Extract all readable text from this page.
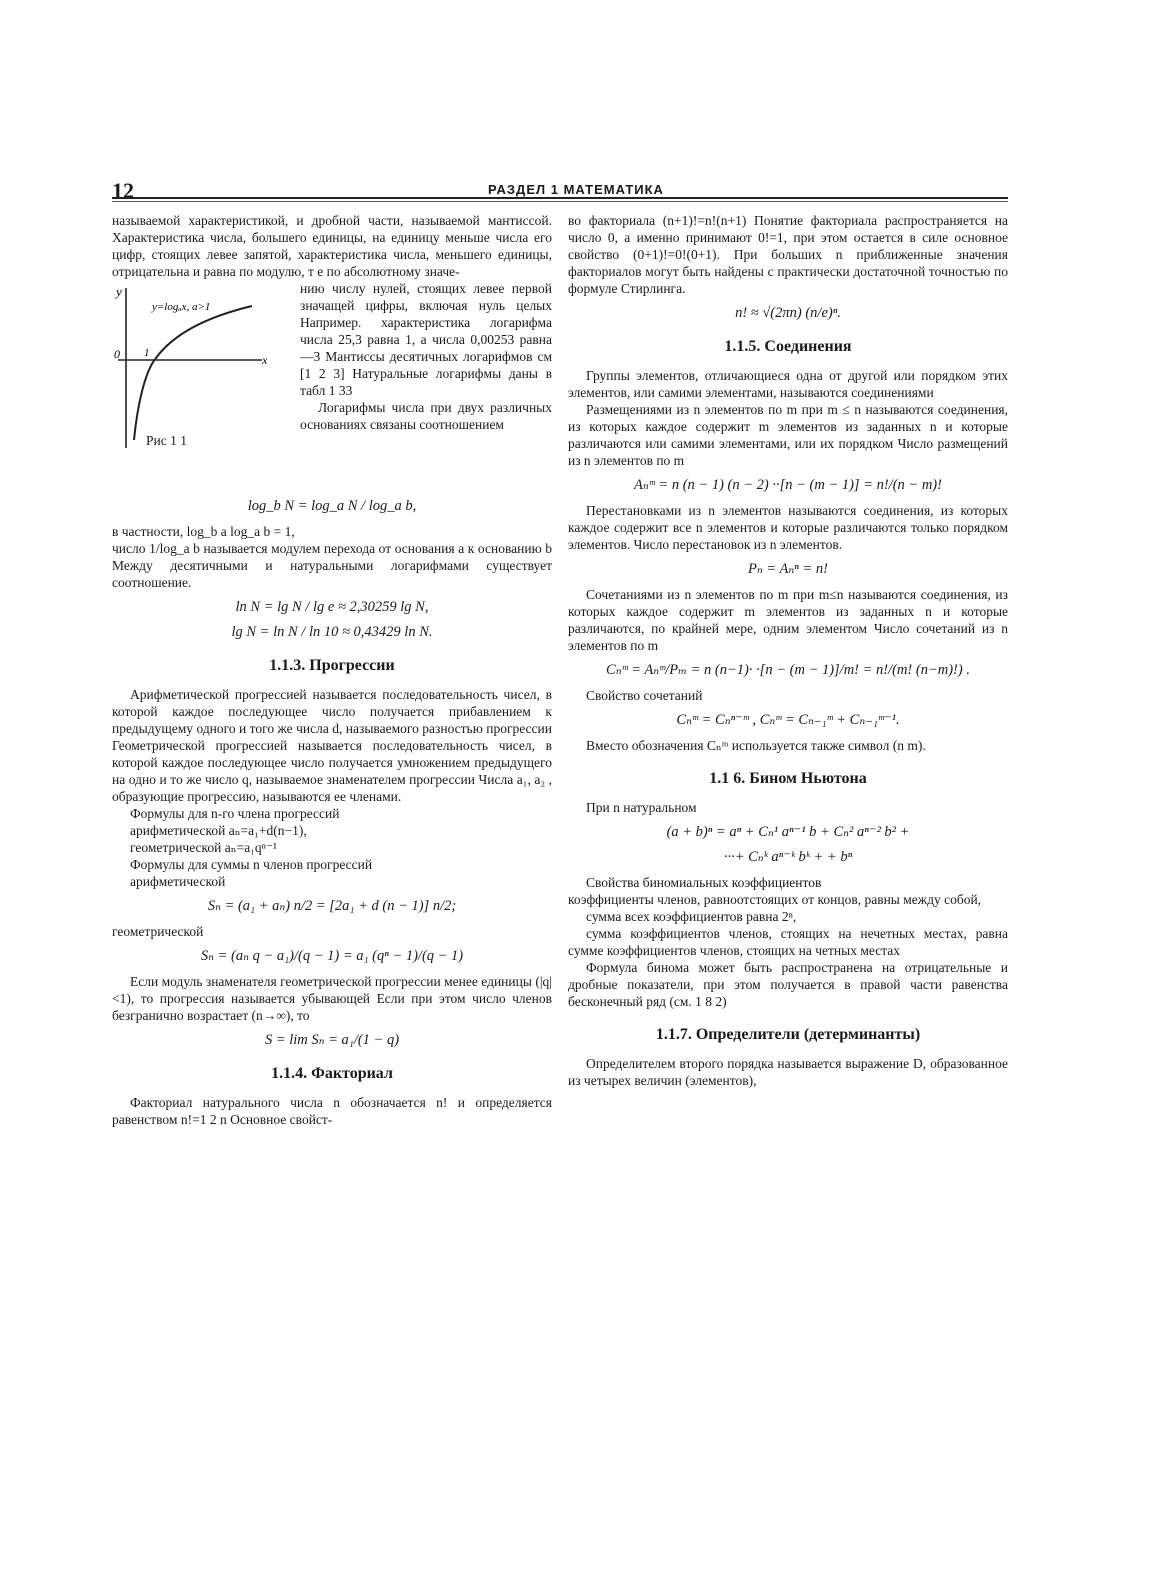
12	РАЗДЕЛ 1 МАТЕМАТИКА

называемой характеристикой, и дробной части, называемой мантиссой. Характеристика числа, большего единицы, на единицу меньше числа его цифр, стоящих левее запятой, характеристика числа, меньшего единицы, отрицательна и равна по модулю, т е по абсолютному значе-

y
x
0 1
y=logₐx, a>1
Рис 1 1

нию числу нулей, стоящих левее первой значащей цифры, включая нуль целых Например. характеристика логарифма числа 25,3 равна 1, а числа 0,00253 равна —3 Мантиссы десятичных логарифмов см [1 2 3] Натуральные логарифмы даны в табл 1 33

Логарифмы числа при двух различных основаниях связаны соотношением

log_b N = log_a N / log_a b,

в частности, log_b a log_a b = 1,

число 1/log_a b называется модулем перехода от основания a к основанию b Между десятичными и натуральными логарифмами существует соотношение.

ln N = lg N / lg e ≈ 2,30259 lg N,
lg N = ln N / ln 10 ≈ 0,43429 ln N.
1.1.3. Прогрессии

Арифметической прогрессией называется последовательность чисел, в которой каждое последующее число получается прибавлением к предыдущему одного и того же числа d, называемого разностью прогрессии Геометрической прогрессией называется последовательность чисел, в которой каждое последующее число получается умножением предыдущего на одно и то же число q, называемое знаменателем прогрессии Числа a₁, a₂ , образующие прогрессию, называются ее членами.

Формулы для n-го члена прогрессий

арифметической aₙ=a₁+d(n−1),

геометрической aₙ=a₁qⁿ⁻¹

Формулы для суммы n членов прогрессий

арифметической

Sₙ = (a₁ + aₙ) n/2 = [2a₁ + d (n − 1)] n/2;

геометрической

Sₙ = (aₙ q − a₁)/(q − 1) = a₁ (qⁿ − 1)/(q − 1)

Если модуль знаменателя геометрической прогрессии менее единицы (|q|<1), то прогрессия называется убывающей Если при этом число членов безгранично возрастает (n→∞), то

S = lim Sₙ = a₁/(1 − q)
1.1.4. Факториал

Факториал натурального числа n обозначается n! и определяется равенством n!=1 2 n Основное свойст-

во факториала (n+1)!=n!(n+1) Понятие факториала распространяется на число 0, а именно принимают 0!=1, при этом остается в силе основное свойство (0+1)!=0!(0+1). При больших n приближенные значения факториалов могут быть найдены с практически достаточной точностью по формуле Стирлинга.

n! ≈ √(2πn) (n/e)ⁿ.
1.1.5. Соединения

Группы элементов, отличающиеся одна от другой или порядком этих элементов, или самими элементами, называются соединениями

Размещениями из n элементов по m при m ≤ n называются соединения, из которых каждое содержит m элементов из заданных n и которые различаются или самими элементами, или их порядком Число размещений из n элементов по m

Aₙᵐ = n (n − 1) (n − 2) ··[n − (m − 1)] = n!/(n − m)!

Перестановками из n элементов называются соединения, из которых каждое содержит все n элементов и которые различаются только порядком элементов. Число перестановок из n элементов.

Pₙ = Aₙⁿ = n!

Сочетаниями из n элементов по m при m≤n называются соединения, из которых каждое содержит m элементов из заданных n и которые различаются, по крайней мере, одним элементом Число сочетаний из n элементов по m

Cₙᵐ = Aₙᵐ/Pₘ = n (n−1)· ·[n − (m − 1)]/m! = n!/(m! (n−m)!) .

Свойство сочетаний

Cₙᵐ = Cₙⁿ⁻ᵐ , Cₙᵐ = Cₙ₋₁ᵐ + Cₙ₋₁ᵐ⁻¹.

Вместо обозначения Cₙᵐ используется также символ (n m).

1.1 6. Бином Ньютона

При n натуральном

(a + b)ⁿ = aⁿ + Cₙ¹ aⁿ⁻¹ b + Cₙ² aⁿ⁻² b² +
···+ Cₙᵏ aⁿ⁻ᵏ bᵏ + + bⁿ

Свойства биномиальных коэффициентов

коэффициенты членов, равноотстоящих от концов, равны между собой,

сумма всех коэффициентов равна 2ⁿ,

сумма коэффициентов членов, стоящих на нечетных местах, равна сумме коэффициентов членов, стоящих на четных местах

Формула бинома может быть распространена на отрицательные и дробные показатели, при этом получается в правой части равенства бесконечный ряд (см. 1 8 2)

1.1.7. Определители (детерминанты)

Определителем второго порядка называется выражение D, образованное из четырех величин (элементов),
